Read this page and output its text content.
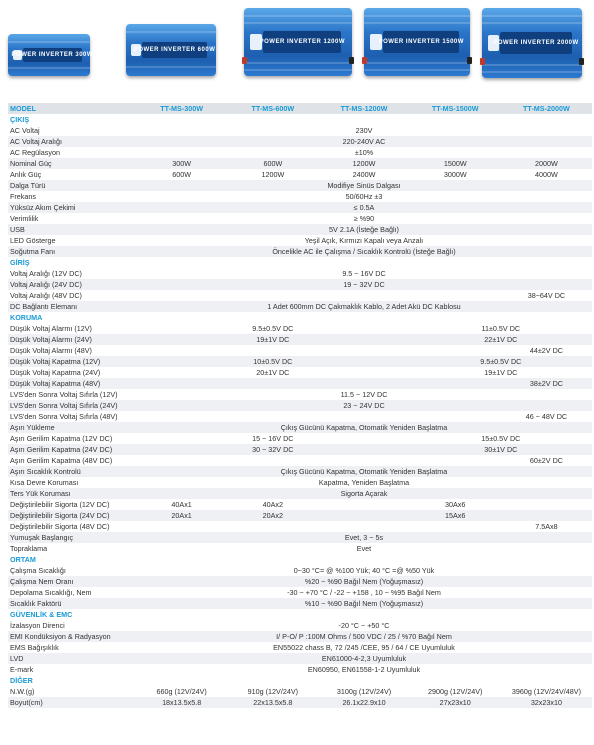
POWER INVERTER 300W
POWER INVERTER 600W
POWER INVERTER 1200W	POWER INVERTER 1500W	POWER INVERTER 2000W
MODEL	TT-MS-300W	TT-MS-600W	TT-MS-1200W	TT-MS-1500W	TT-MS-2000W
ÇIKIŞ
AC Voltaj	230V
AC Voltaj Aralığı	220-240V AC
AC Regülasyon	±10%
Nominal Güç	300W	600W	1200W	1500W	2000W
Anlık Güç	600W	1200W	2400W	3000W	4000W
Dalga Türü	Modifiye Sinüs Dalgası
Frekans	50/60Hz ±3
Yüksüz Akım Çekimi	≤ 0.5A
Verimlilik	≥ %90
USB	5V 2.1A (İsteğe Bağlı)
LED Gösterge	Yeşil Açık, Kırmızı Kapalı veya Anzalı
Soğutma Fanı	Öncelikle AC ile Çalışma / Sıcaklık Kontrolü (İsteğe Bağlı)
GİRİŞ
Voltaj Aralığı (12V DC)	9.5 ~ 16V DC
Voltaj Aralığı (24V DC)	19 ~ 32V DC
Voltaj Aralığı (48V DC)	38~64V DC
DC Bağlantı Elemanı	1 Adet 600mm DC Çakmaklık Kablo, 2 Adet Akü DC Kablosu
KORUMA
Düşük Voltaj Alarmı (12V)	9.5±0.5V DC	11±0.5V DC
Düşük Voltaj Alarmı (24V)	19±1V DC	22±1V DC
Düşük Voltaj Alarmı (48V)	44±2V DC
Düşük Voltaj Kapatma (12V)	10±0.5V DC	9.5±0.5V DC
Düşük Voltaj Kapatma (24V)	20±1V DC	19±1V DC
Düşük Voltaj Kapatma (48V)	38±2V DC
LVS'den Sonra Voltaj Sıfırla (12V)	11.5 ~ 12V DC
LVS'den Sonra Voltaj Sıfırla (24V)	23 ~ 24V DC
LVS'den Sonra Voltaj Sıfırla (48V)	46 ~ 48V DC
Aşırı Yükleme	Çıkış Gücünü Kapatma, Otomatik Yeniden Başlatma
Aşırı Gerilim Kapatma (12V DC)	15 ~ 16V DC	15±0.5V DC
Aşırı Gerilim Kapatma (24V DC)	30 ~ 32V DC	30±1V DC
Aşırı Gerilim Kapatma (48V DC)	60±2V DC
Aşırı Sıcaklık Kontrolü	Çıkış Gücünü Kapatma, Otomatik Yeniden Başlatma
Kısa Devre Koruması	Kapatma, Yeniden Başlatma
Ters Yük Koruması	Sigorta Açarak
Değiştirilebilir Sigorta (12V DC)	40Ax1	40Ax2	30Ax6
Değiştirilebilir Sigorta (24V DC)	20Ax1	20Ax2	15Ax6
Değiştirilebilir Sigorta (48V DC)	7.5Ax8
Yumuşak Başlangıç	Evet, 3 ~ 5s
Topraklama	Evet
ORTAM
Çalışma Sıcaklığı	0~30 °C= @ %100 Yük; 40 °C =@ %50 Yük
Çalışma Nem Oranı	%20 ~ %90 Bağıl Nem (Yoğuşmasız)
Depolama Sıcaklığı, Nem	-30 ~ +70 °C / -22 ~ +158 , 10 ~ %95 Bağıl Nem
Sıcaklık Faktörü	%10 ~ %90 Bağıl Nem (Yoğuşmasız)
GÜVENLİK & EMC
İzalasyon Direnci	-20 °C ~ +50 °C
EMI Kondüksiyon & Radyasyon	I/ P-O/ P :100M Ohms / 500 VDC / 25 / %70 Bağıl Nem
EMS Bağışıklık	EN55022 chass B, 72 /245 /CEE, 95 / 64 / CE Uyumluluk
LVD	EN61000-4-2,3 Uyumluluk
E-mark	EN60950, EN61558-1-2 Uyumluluk
DİĞER
N.W.(g)	660g (12V/24V)	910g (12V/24V)	3100g (12V/24V)	2900g (12V/24V)	3960g (12V/24V/48V)
Boyut(cm)	18x13.5x5.8	22x13.5x5.8	26.1x22.9x10	27x23x10	32x23x10
